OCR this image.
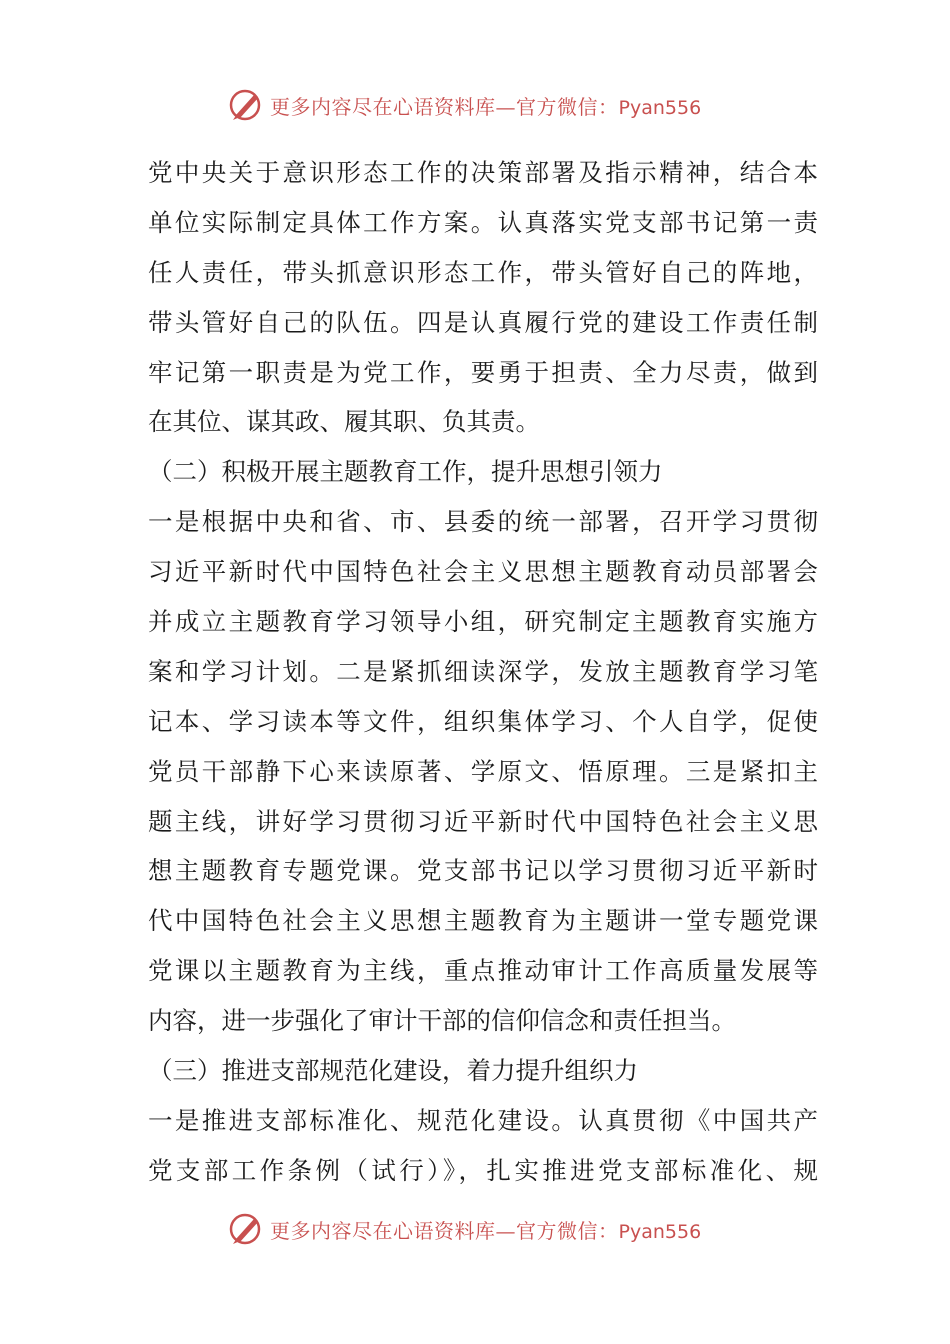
更多内容尽在心语资料库—官方微信：Pyan556
党中央关于意识形态工作的决策部署及指示精神，结合本
单位实际制定具体工作方案。认真落实党支部书记第一责
任人责任，带头抓意识形态工作，带头管好自己的阵地，
带头管好自己的队伍。四是认真履行党的建设工作责任制
牢记第一职责是为党工作，要勇于担责、全力尽责，做到
在其位、谋其政、履其职、负其责。
（二）积极开展主题教育工作，提升思想引领力
一是根据中央和省、市、县委的统一部署，召开学习贯彻
习近平新时代中国特色社会主义思想主题教育动员部署会
并成立主题教育学习领导小组，研究制定主题教育实施方
案和学习计划。二是紧抓细读深学，发放主题教育学习笔
记本、学习读本等文件，组织集体学习、个人自学，促使
党员干部静下心来读原著、学原文、悟原理。三是紧扣主
题主线，讲好学习贯彻习近平新时代中国特色社会主义思
想主题教育专题党课。党支部书记以学习贯彻习近平新时
代中国特色社会主义思想主题教育为主题讲一堂专题党课
党课以主题教育为主线，重点推动审计工作高质量发展等
内容，进一步强化了审计干部的信仰信念和责任担当。
（三）推进支部规范化建设，着力提升组织力
一是推进支部标准化、规范化建设。认真贯彻《中国共产
党支部工作条例（试行）》，扎实推进党支部标准化、规
更多内容尽在心语资料库—官方微信：Pyan556
